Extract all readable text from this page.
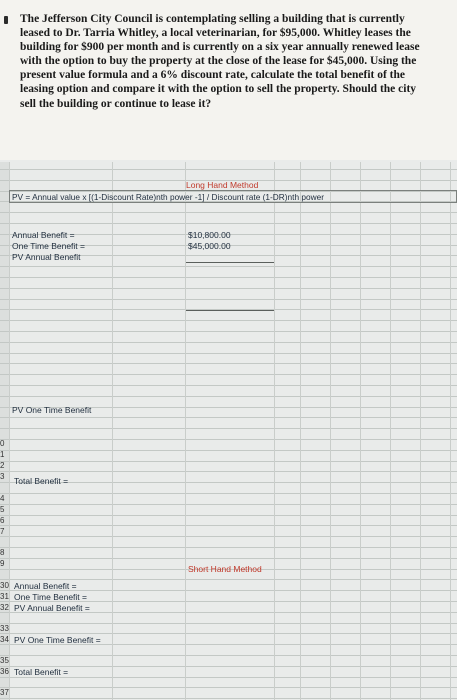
The Jefferson City Council is contemplating selling a building that is currently leased to Dr. Tarria Whitley, a local veterinarian, for $95,000. Whitley leases the building for $900 per month and is currently on a six year annually renewed lease with the option to buy the property at the close of the lease for $45,000. Using the present value formula and a 6% discount rate, calculate the total benefit of the leasing option and compare it with the option to sell the property. Should the city sell the building or continue to lease it?

Long Hand Method
PV = Annual value x [(1-Discount Rate)nth power -1] / Discount rate (1-DR)nth power
Annual Benefit =	$10,800.00
One Time Benefit =	$45,000.00
PV Annual Benefit
PV One Time Benefit
Total Benefit =
Short Hand Method
Annual Benefit =
One Time Benefit =
PV Annual Benefit =
PV One Time Benefit =
Total Benefit =
0
1
2
3
4
5
6
7
8
9
30
31
32
33
34
35
36
37
